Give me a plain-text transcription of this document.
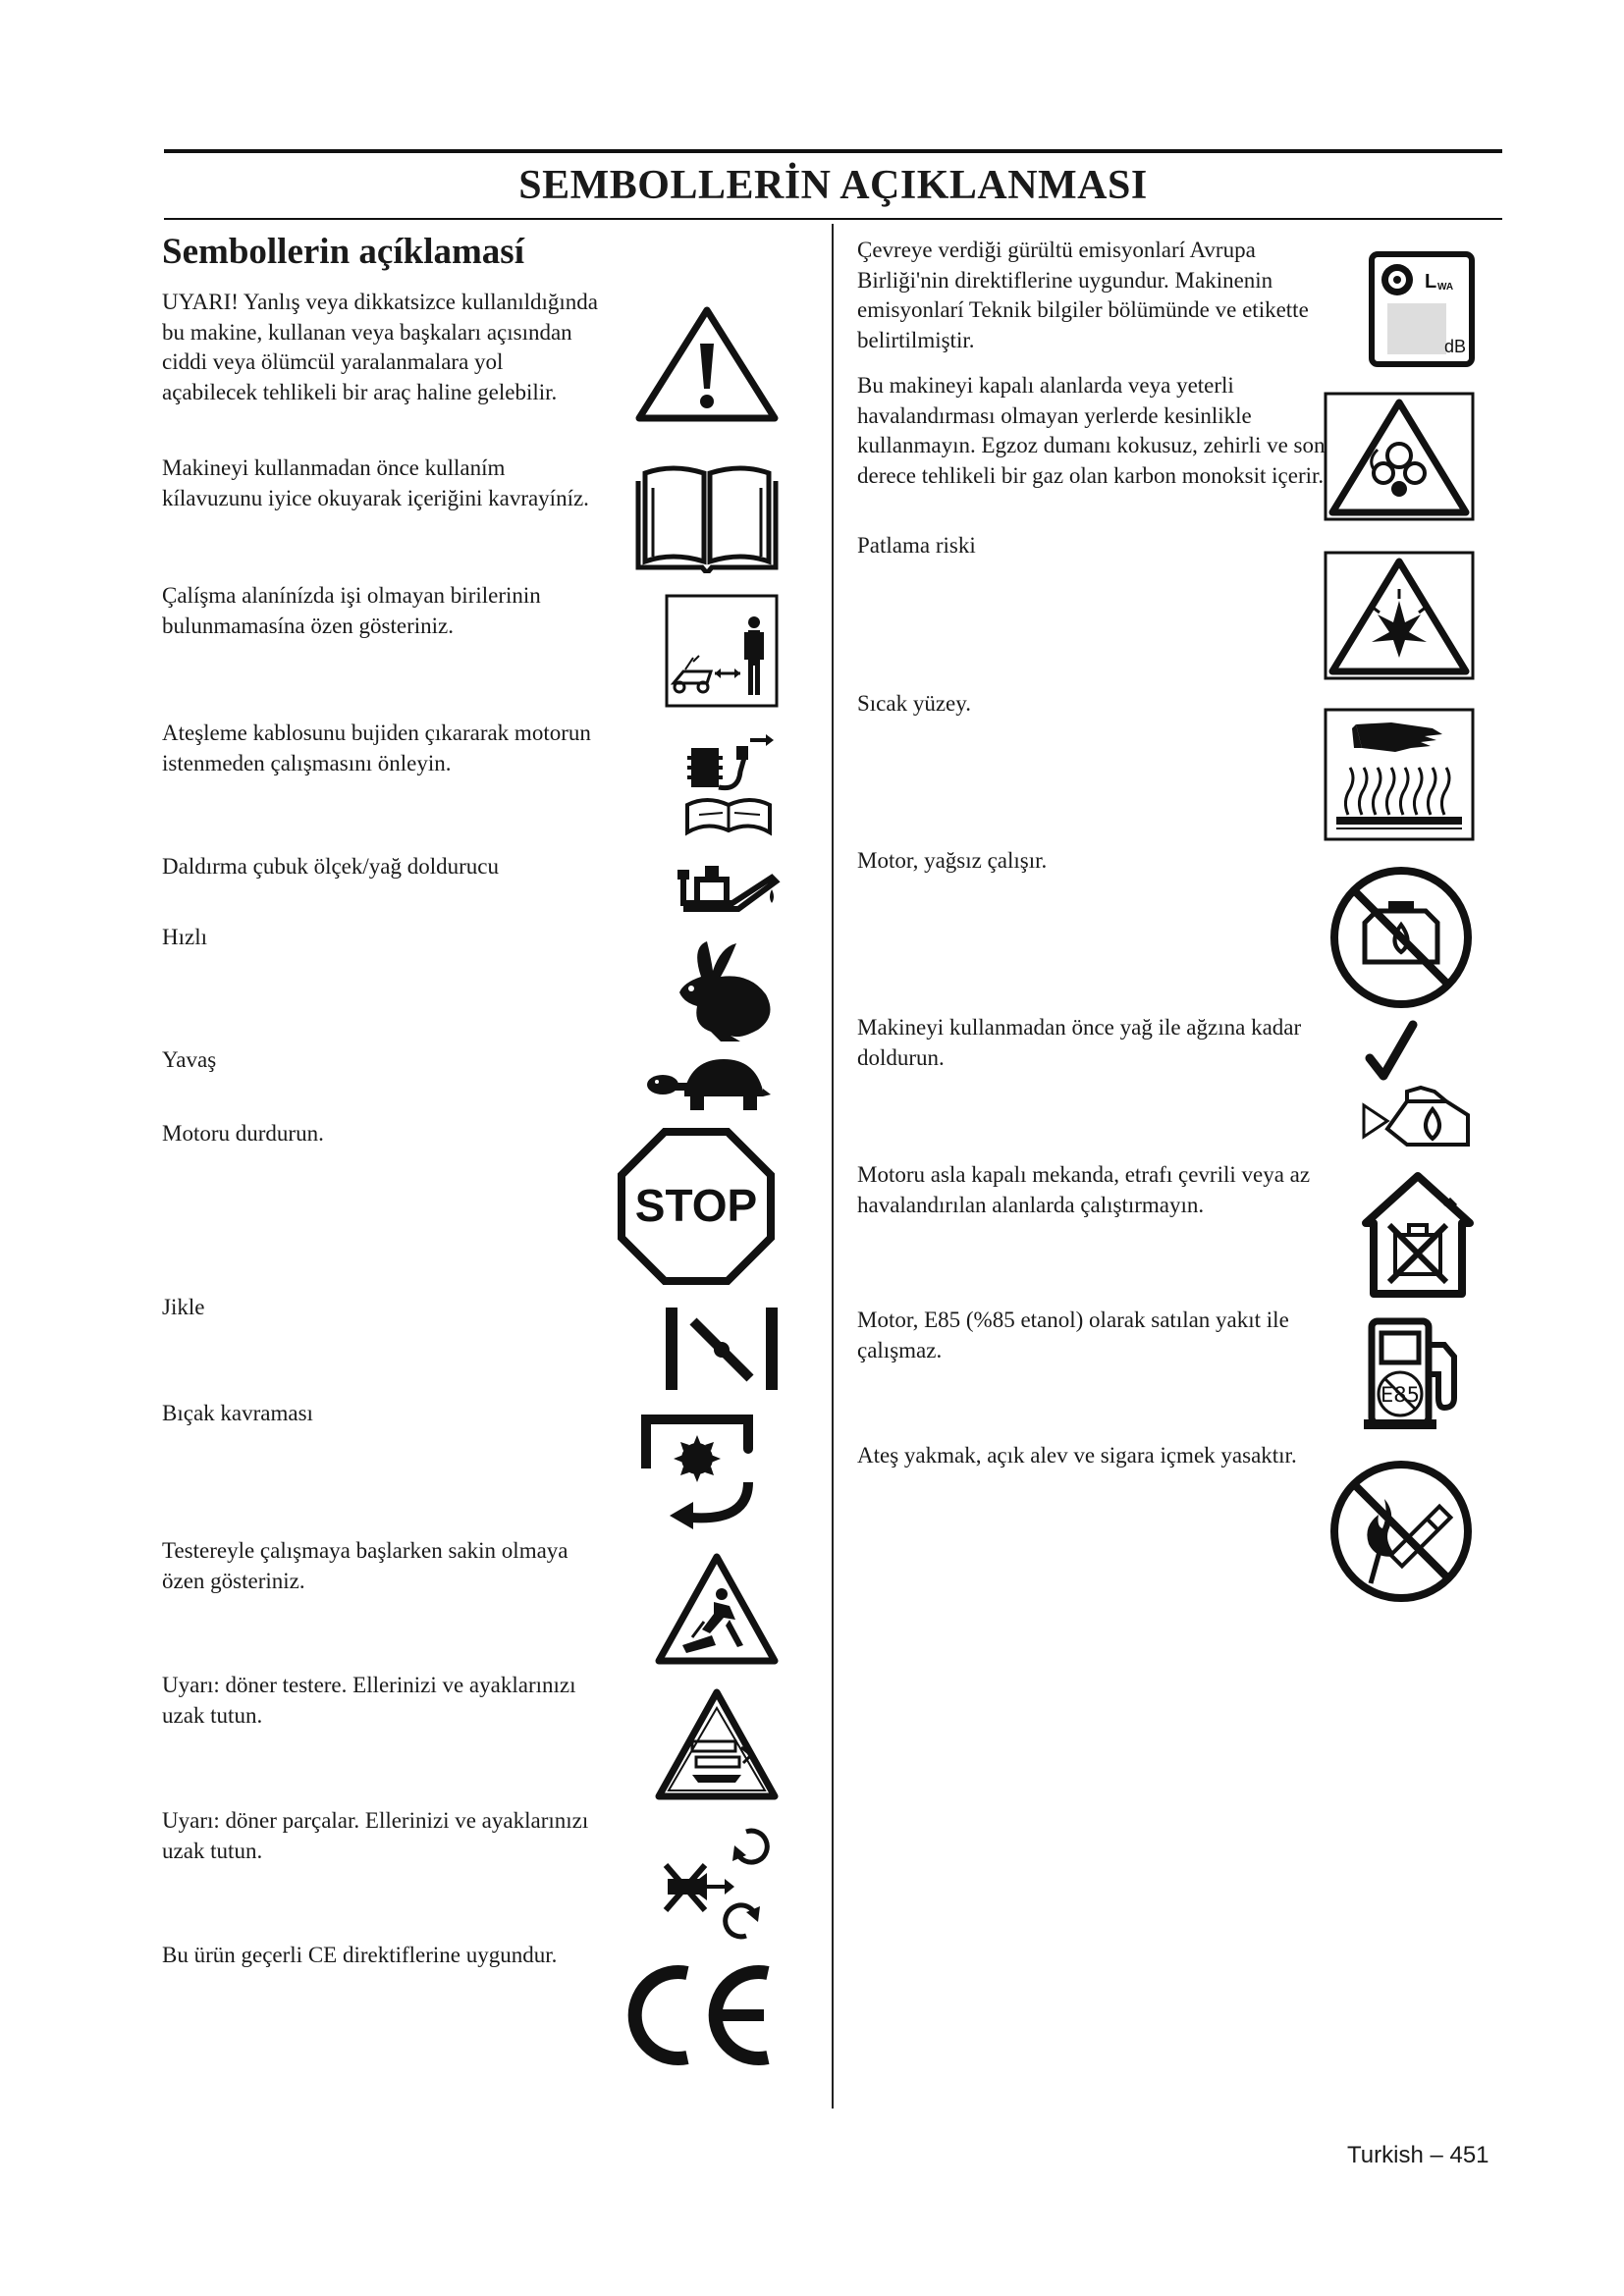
SEMBOLLERİN AÇIKLANMASI
Sembollerin açíklamasí
UYARI! Yanlış veya dikkatsizce kullanıldığında bu makine, kullanan veya başkaları açısından ciddi veya ölümcül yaralanmalara yol açabilecek tehlikeli bir araç haline gelebilir.
Makineyi kullanmadan önce kullaním kílavuzunu iyice okuyarak içeriğini kavrayíníz.
Çalíşma alanínízda işi olmayan birilerinin bulunmamasína özen gösteriniz.
Ateşleme kablosunu bujiden çıkararak motorun istenmeden çalışmasını önleyin.
Daldırma çubuk ölçek/yağ doldurucu
Hızlı
Yavaş
Motoru durdurun.
Jikle
Bıçak kavraması
Testereyle çalışmaya başlarken sakin olmaya özen gösteriniz.
Uyarı: döner testere. Ellerinizi ve ayaklarınızı uzak tutun.
Uyarı: döner parçalar. Ellerinizi ve ayaklarınızı uzak tutun.
Bu ürün geçerli CE direktiflerine uygundur.
Çevreye verdiği gürültü emisyonlarí Avrupa Birliği'nin direktiflerine uygundur. Makinenin emisyonlarí Teknik bilgiler bölümünde ve etikette belirtilmiştir.
Bu makineyi kapalı alanlarda veya yeterli havalandırması olmayan yerlerde kesinlikle kullanmayın. Egzoz dumanı kokusuz, zehirli ve son derece tehlikeli bir gaz olan karbon monoksit içerir.
Patlama riski
Sıcak yüzey.
Motor, yağsız çalışır.
Makineyi kullanmadan önce yağ ile ağzına kadar doldurun.
Motoru asla kapalı mekanda, etrafı çevrili veya az havalandırılan alanlarda çalıştırmayın.
Motor, E85 (%85 etanol) olarak satılan yakıt ile çalışmaz.
Ateş yakmak, açık alev ve sigara içmek yasaktır.
STOP
L WA
dB
E85
Turkish – 451
